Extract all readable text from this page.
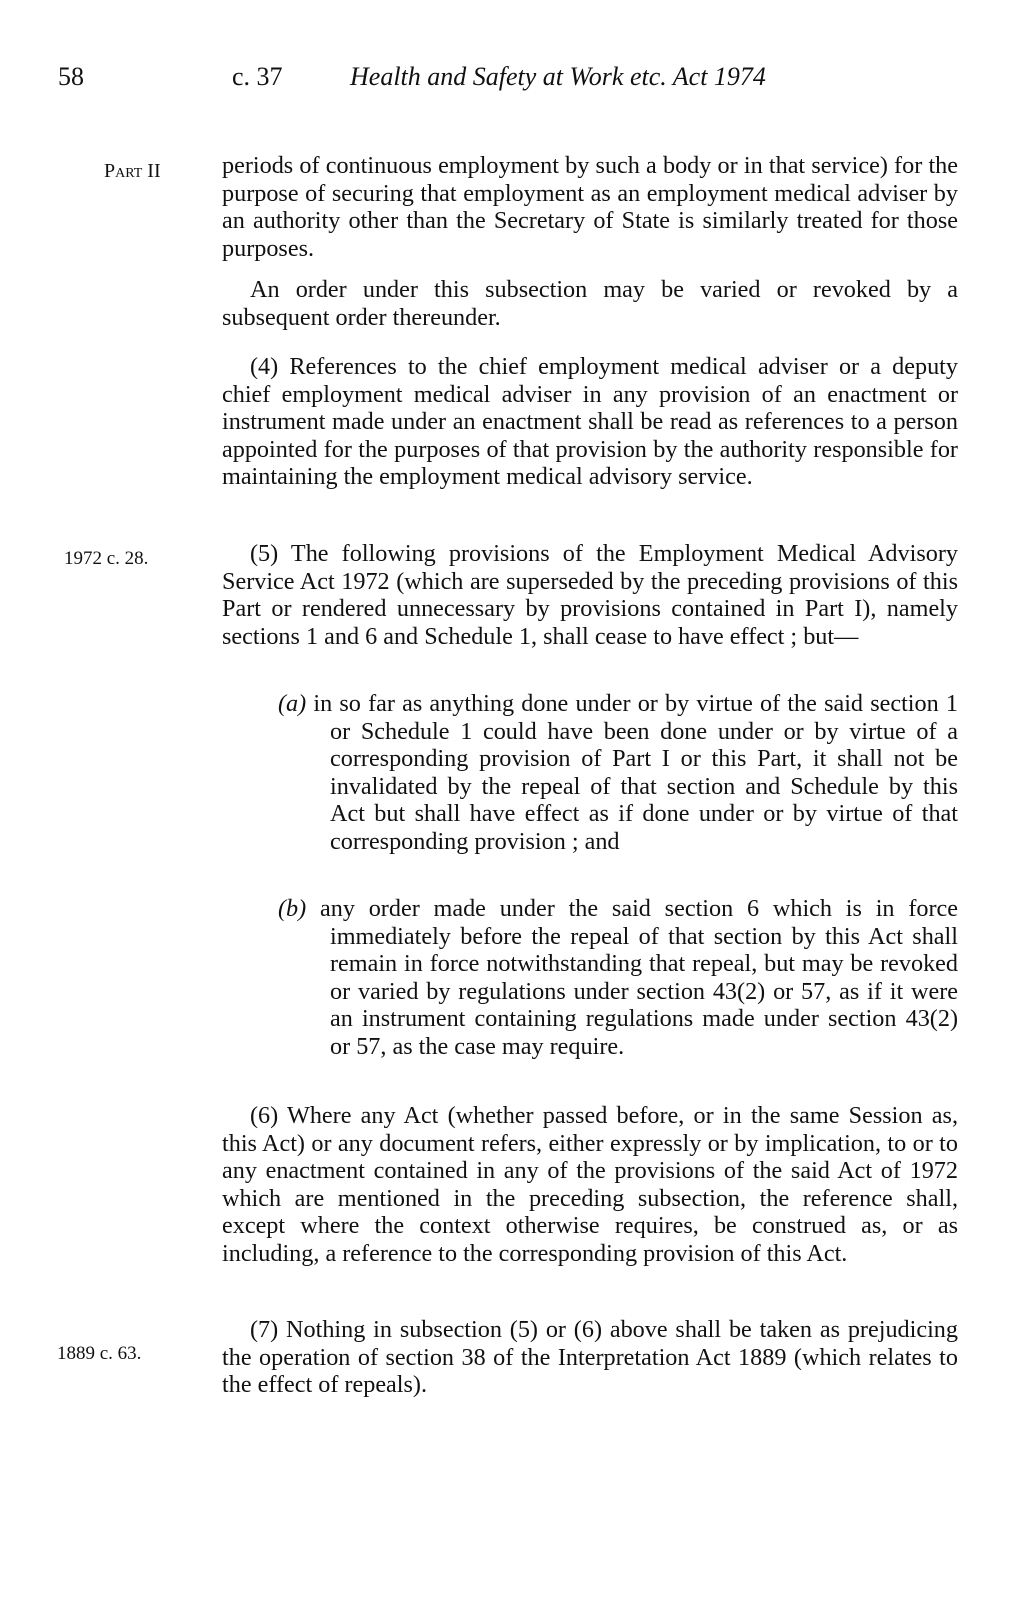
58	c. 37	Health and Safety at Work etc. Act 1974
Part II	periods of continuous employment by such a body or in that service) for the purpose of securing that employment as an employment medical adviser by an authority other than the Secretary of State is similarly treated for those purposes.

An order under this subsection may be varied or revoked by a subsequent order thereunder.

(4) References to the chief employment medical adviser or a deputy chief employment medical adviser in any provision of an enactment or instrument made under an enactment shall be read as references to a person appointed for the purposes of that provision by the authority responsible for maintaining the employment medical advisory service.

1972 c. 28.	(5) The following provisions of the Employment Medical Advisory Service Act 1972 (which are superseded by the preceding provisions of this Part or rendered unnecessary by provisions contained in Part I), namely sections 1 and 6 and Schedule 1, shall cease to have effect ; but—

(a) in so far as anything done under or by virtue of the said section 1 or Schedule 1 could have been done under or by virtue of a corresponding provision of Part I or this Part, it shall not be invalidated by the repeal of that section and Schedule by this Act but shall have effect as if done under or by virtue of that corresponding provision ; and
(b) any order made under the said section 6 which is in force immediately before the repeal of that section by this Act shall remain in force notwithstanding that repeal, but may be revoked or varied by regulations under section 43(2) or 57, as if it were an instrument containing regulations made under section 43(2) or 57, as the case may require.

(6) Where any Act (whether passed before, or in the same Session as, this Act) or any document refers, either expressly or by implication, to or to any enactment contained in any of the provisions of the said Act of 1972 which are mentioned in the preceding subsection, the reference shall, except where the context otherwise requires, be construed as, or as including, a reference to the corresponding provision of this Act.

1889 c. 63.

(7) Nothing in subsection (5) or (6) above shall be taken as prejudicing the operation of section 38 of the Interpretation Act 1889 (which relates to the effect of repeals).
